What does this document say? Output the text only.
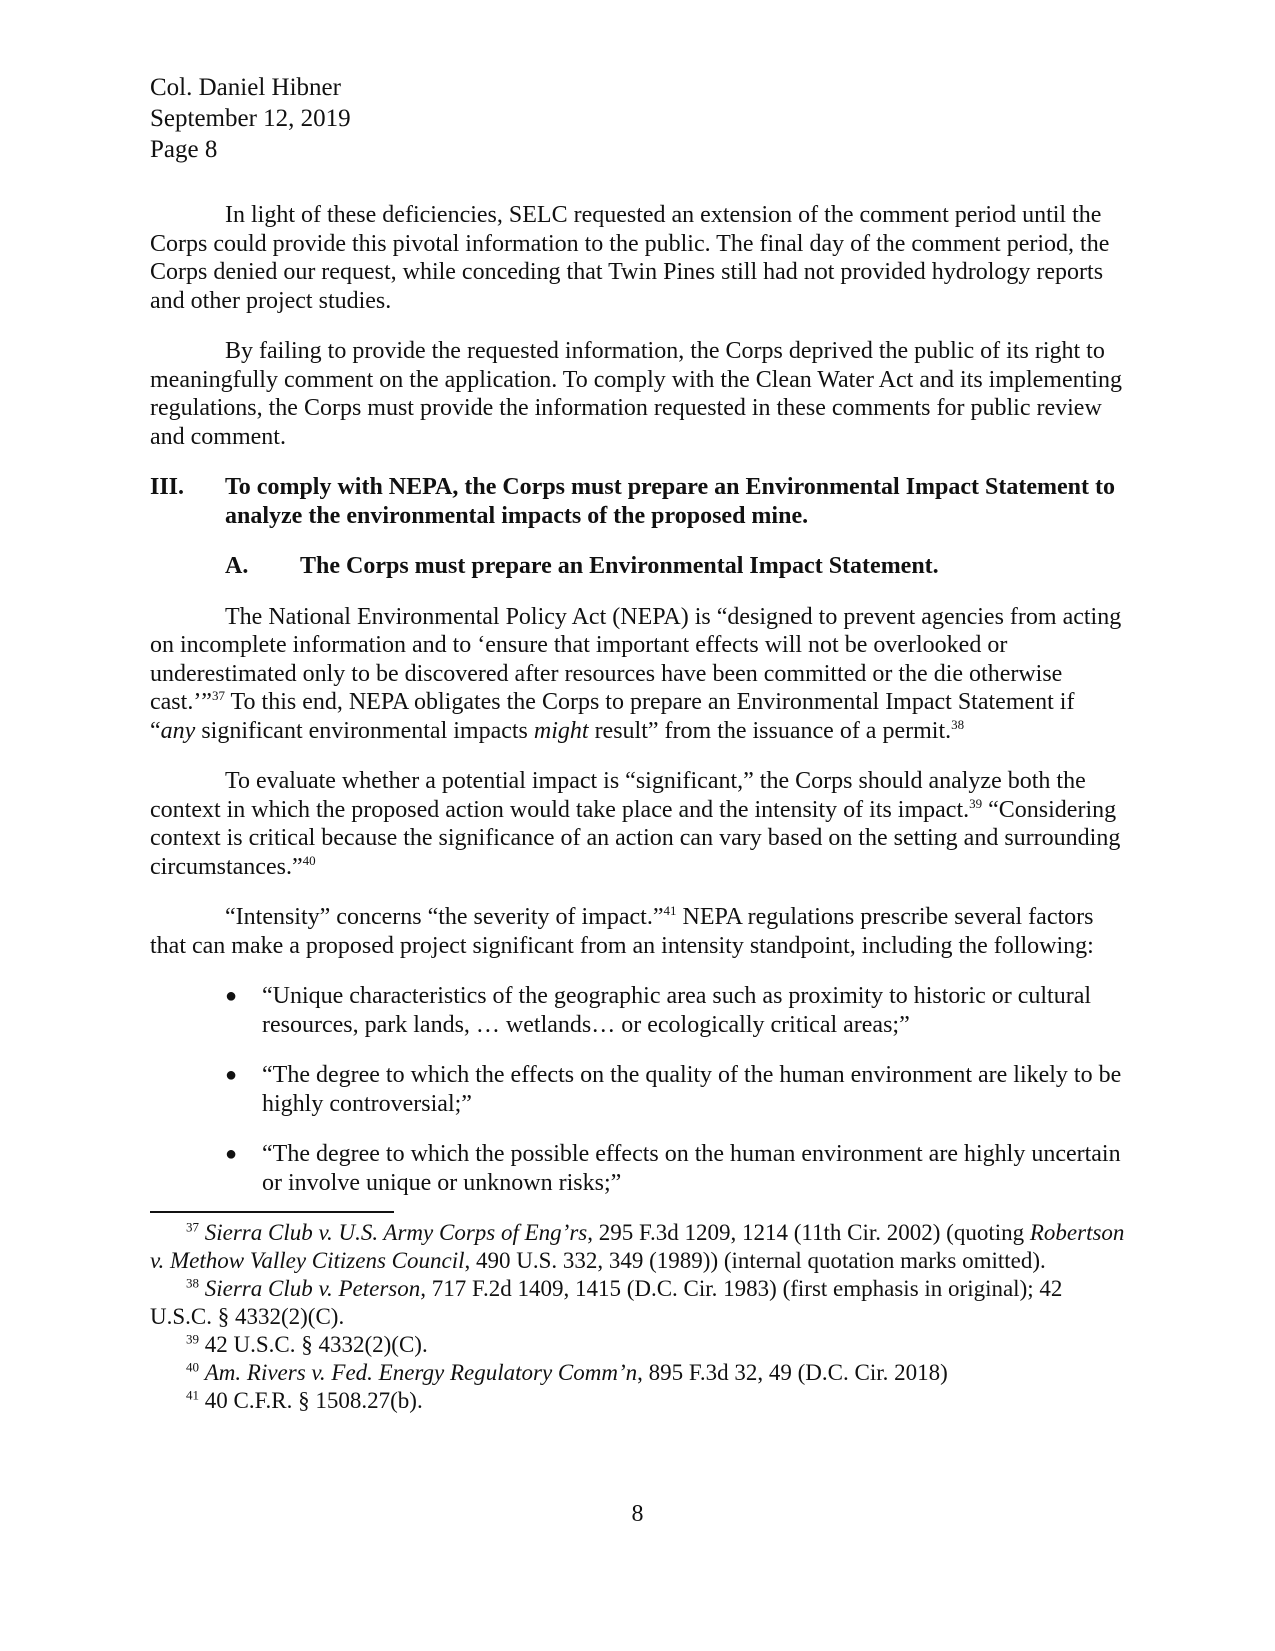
Col. Daniel Hibner
September 12, 2019
Page 8

In light of these deficiencies, SELC requested an extension of the comment period until the Corps could provide this pivotal information to the public. The final day of the comment period, the Corps denied our request, while conceding that Twin Pines still had not provided hydrology reports and other project studies.

By failing to provide the requested information, the Corps deprived the public of its right to meaningfully comment on the application. To comply with the Clean Water Act and its implementing regulations, the Corps must provide the information requested in these comments for public review and comment.

III.	To comply with NEPA, the Corps must prepare an Environmental Impact Statement to analyze the environmental impacts of the proposed mine.
A.	The Corps must prepare an Environmental Impact Statement.

The National Environmental Policy Act (NEPA) is “designed to prevent agencies from acting on incomplete information and to ‘ensure that important effects will not be overlooked or underestimated only to be discovered after resources have been committed or the die otherwise cast.’”$^{37}$ To this end, NEPA obligates the Corps to prepare an Environmental Impact Statement if “any significant environmental impacts might result” from the issuance of a permit.$^{38}$

To evaluate whether a potential impact is “significant,” the Corps should analyze both the context in which the proposed action would take place and the intensity of its impact.$^{39}$ “Considering context is critical because the significance of an action can vary based on the setting and surrounding circumstances.”$^{40}$

“Intensity” concerns “the severity of impact.”$^{41}$ NEPA regulations prescribe several factors that can make a proposed project significant from an intensity standpoint, including the following:

●	“Unique characteristics of the geographic area such as proximity to historic or cultural resources, park lands, … wetlands… or ecologically critical areas;”
●	“The degree to which the effects on the quality of the human environment are likely to be highly controversial;”
●	“The degree to which the possible effects on the human environment are highly uncertain or involve unique or unknown risks;”

$^{37}$ Sierra Club v. U.S. Army Corps of Eng’rs, 295 F.3d 1209, 1214 (11th Cir. 2002) (quoting Robertson v. Methow Valley Citizens Council, 490 U.S. 332, 349 (1989)) (internal quotation marks omitted).

$^{38}$ Sierra Club v. Peterson, 717 F.2d 1409, 1415 (D.C. Cir. 1983) (first emphasis in original); 42 U.S.C. § 4332(2)(C).

$^{39}$ 42 U.S.C. § 4332(2)(C).

$^{40}$ Am. Rivers v. Fed. Energy Regulatory Comm’n, 895 F.3d 32, 49 (D.C. Cir. 2018)

$^{41}$ 40 C.F.R. § 1508.27(b).

8
